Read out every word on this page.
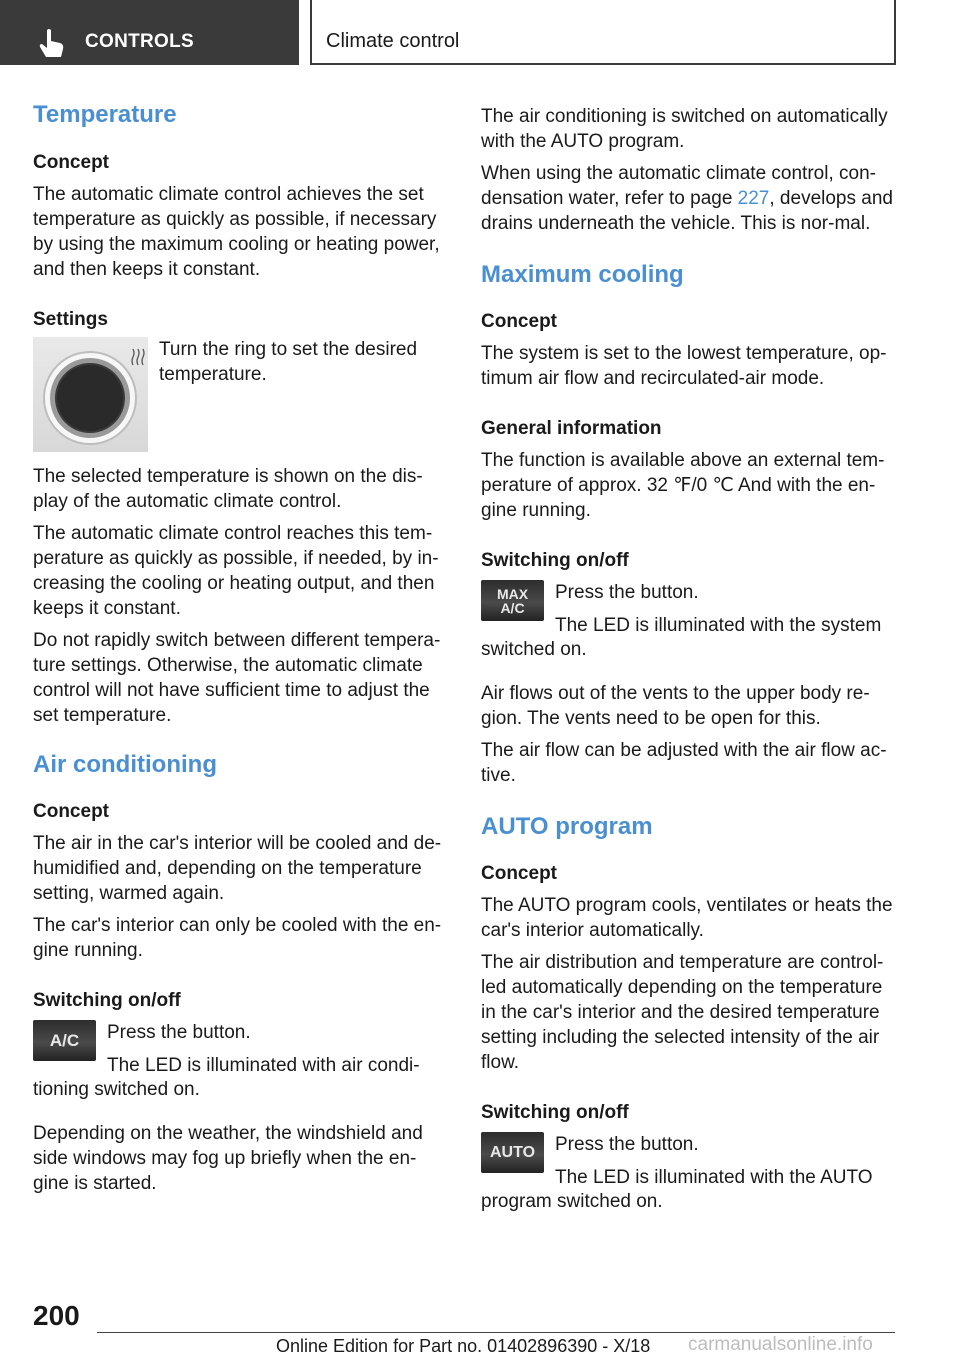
CONTROLS	Climate control
Temperature
Concept

The automatic climate control achieves the set temperature as quickly as possible, if necessary by using the maximum cooling or heating power, and then keeps it constant.

Settings

Turn the ring to set the desired temperature.

The selected temperature is shown on the dis-play of the automatic climate control.

The automatic climate control reaches this tem-perature as quickly as possible, if needed, by in-creasing the cooling or heating output, and then keeps it constant.

Do not rapidly switch between different tempera-ture settings. Otherwise, the automatic climate control will not have sufficient time to adjust the set temperature.

Air conditioning
Concept

The air in the car's interior will be cooled and de-humidified and, depending on the temperature setting, warmed again.

The car's interior can only be cooled with the en-gine running.

Switching on/off
A/C Press the button.

The LED is illuminated with air condi-

tioning switched on.

Depending on the weather, the windshield and side windows may fog up briefly when the en-gine is started.

The air conditioning is switched on automatically with the AUTO program.

When using the automatic climate control, con-densation water, refer to page 227, develops and drains underneath the vehicle. This is nor-mal.

Maximum cooling
Concept

The system is set to the lowest temperature, op-timum air flow and recirculated-air mode.

General information

The function is available above an external tem-perature of approx. 32 ℉/0 ℃ And with the en-gine running.

Switching on/off
MAX
A/C

Press the button.

The LED is illuminated with the system

switched on.

Air flows out of the vents to the upper body re-gion. The vents need to be open for this.

The air flow can be adjusted with the air flow ac-tive.

AUTO program
Concept

The AUTO program cools, ventilates or heats the car's interior automatically.

The air distribution and temperature are control-led automatically depending on the temperature in the car's interior and the desired temperature setting including the selected intensity of the air flow.

Switching on/off
AUTO Press the button.

The LED is illuminated with the AUTO

program switched on.

200
Online Edition for Part no. 01402896390 - X/18 carmanualsonline.info
